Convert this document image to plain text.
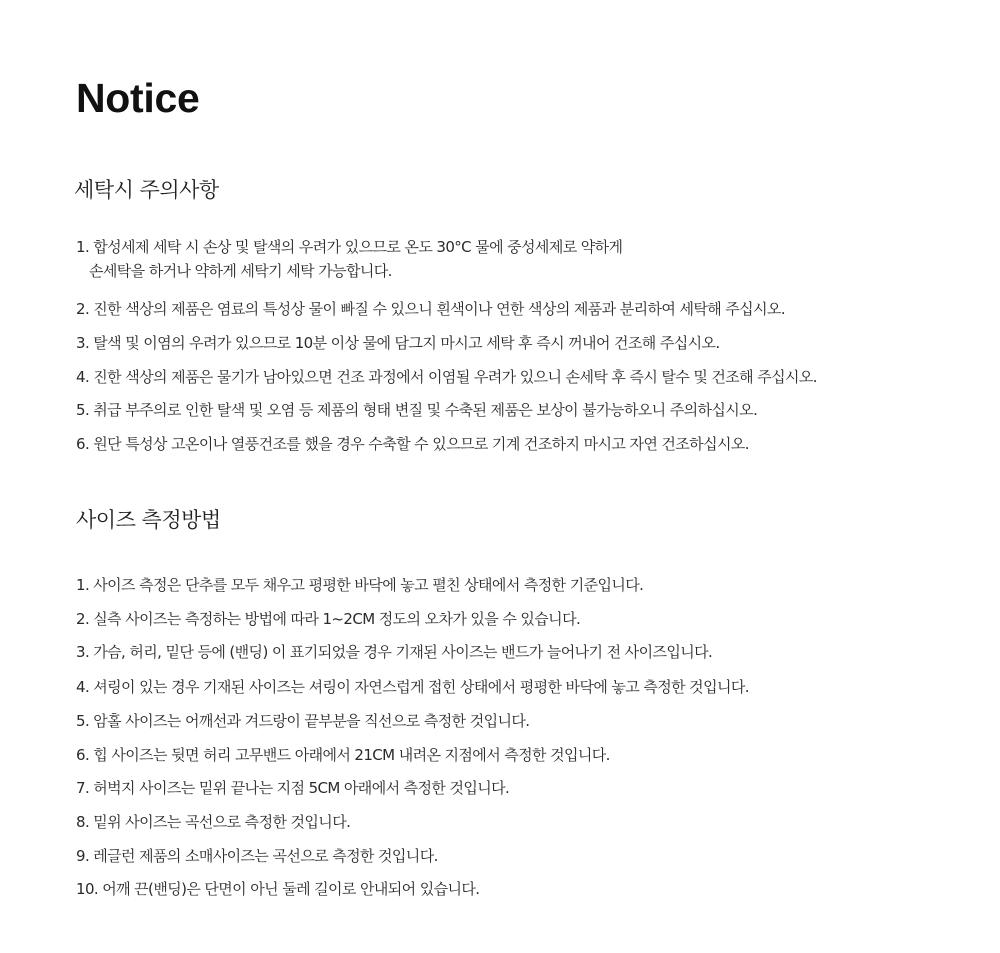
Notice
세탁시 주의사항
1. 합성세제 세탁 시 손상 및 탈색의 우려가 있으므로 온도 30°C 물에 중성세제로 약하게
손세탁을 하거나 약하게 세탁기 세탁 가능합니다.
2. 진한 색상의 제품은 염료의 특성상 물이 빠질 수 있으니 흰색이나 연한 색상의 제품과 분리하여 세탁해 주십시오.
3. 탈색 및 이염의 우려가 있으므로 10분 이상 물에 담그지 마시고 세탁 후 즉시 꺼내어 건조해 주십시오.
4. 진한 색상의 제품은 물기가 남아있으면 건조 과정에서 이염될 우려가 있으니 손세탁 후 즉시 탈수 및 건조해 주십시오.
5. 취급 부주의로 인한 탈색 및 오염 등 제품의 형태 변질 및 수축된 제품은 보상이 불가능하오니 주의하십시오.
6. 원단 특성상 고온이나 열풍건조를 했을 경우 수축할 수 있으므로 기계 건조하지 마시고 자연 건조하십시오.
사이즈 측정방법
1. 사이즈 측정은 단추를 모두 채우고 평평한 바닥에 놓고 펼친 상태에서 측정한 기준입니다.
2. 실측 사이즈는 측정하는 방법에 따라 1~2CM 정도의 오차가 있을 수 있습니다.
3. 가슴, 허리, 밑단 등에 (밴딩) 이 표기되었을 경우 기재된 사이즈는 밴드가 늘어나기 전 사이즈입니다.
4. 셔링이 있는 경우 기재된 사이즈는 셔링이 자연스럽게 접힌 상태에서 평평한 바닥에 놓고 측정한 것입니다.
5. 암홀 사이즈는 어깨선과 겨드랑이 끝부분을 직선으로 측정한 것입니다.
6. 힙 사이즈는 뒷면 허리 고무밴드 아래에서 21CM 내려온 지점에서 측정한 것입니다.
7. 허벅지 사이즈는 밑위 끝나는 지점 5CM 아래에서 측정한 것입니다.
8. 밑위 사이즈는 곡선으로 측정한 것입니다.
9. 레글런 제품의 소매사이즈는 곡선으로 측정한 것입니다.
10. 어깨 끈(밴딩)은 단면이 아닌 둘레 길이로 안내되어 있습니다.
